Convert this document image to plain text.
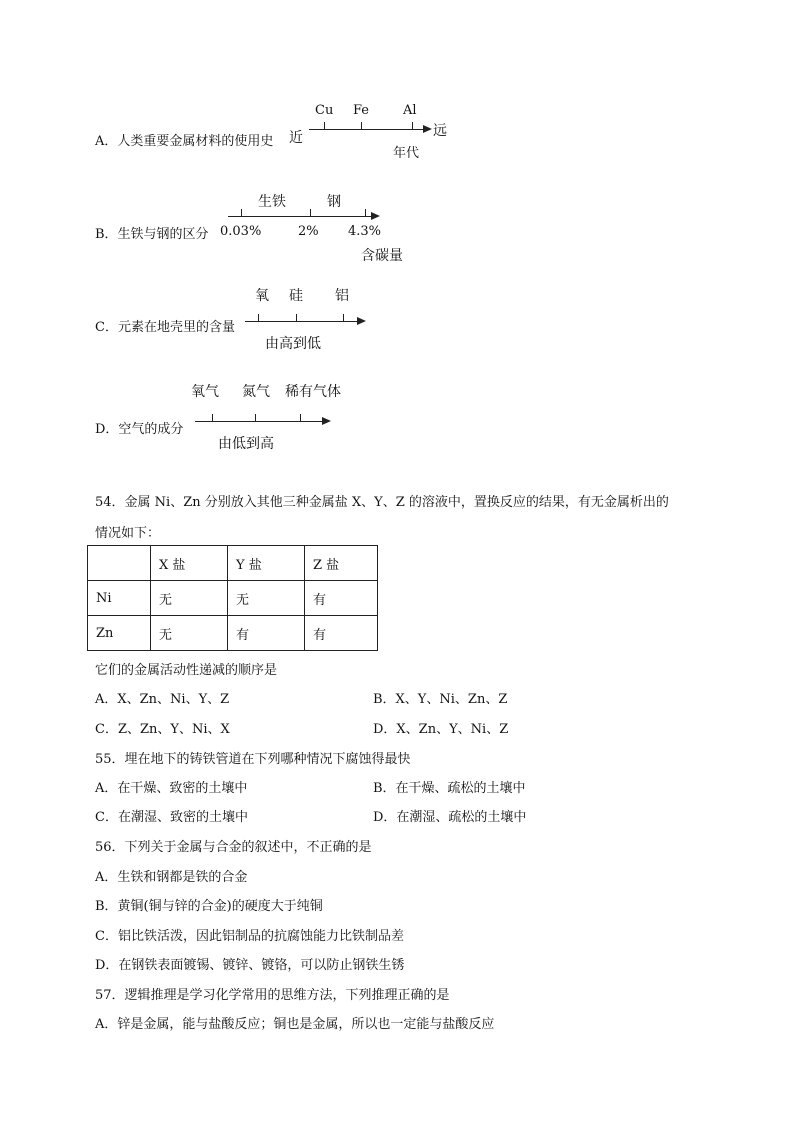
A．人类重要金属材料的使用史 近
Cu Fe	Al
远
年代
B．生铁与钢的区分
生铁	钢
0.03%	2% 4.3%
含碳量
C．元素在地壳里的含量
氧 硅 铝
由高到低
D．空气的成分
氧气 氮气 稀有气体
由低到高
54．金属 Ni、Zn 分别放入其他三种金属盐 X、Y、Z 的溶液中，置换反应的结果，有无金属析出的
情况如下：
	X 盐	Y 盐	Z 盐
Ni	无	无	有
Zn	无	有	有
它们的金属活动性递减的顺序是
A．X、Zn、Ni、Y、Z	B．X、Y、Ni、Zn、Z
C．Z、Zn、Y、Ni、X	D．X、Zn、Y、Ni、Z
55．埋在地下的铸铁管道在下列哪种情况下腐蚀得最快
A．在干燥、致密的土壤中	B．在干燥、疏松的土壤中
C．在潮湿、致密的土壤中	D．在潮湿、疏松的土壤中
56．下列关于金属与合金的叙述中，不正确的是
A．生铁和钢都是铁的合金
B．黄铜(铜与锌的合金)的硬度大于纯铜
C．铝比铁活泼，因此铝制品的抗腐蚀能力比铁制品差
D．在钢铁表面镀锡、镀锌、镀铬，可以防止钢铁生锈
57．逻辑推理是学习化学常用的思维方法，下列推理正确的是
A．锌是金属，能与盐酸反应；铜也是金属，所以也一定能与盐酸反应
